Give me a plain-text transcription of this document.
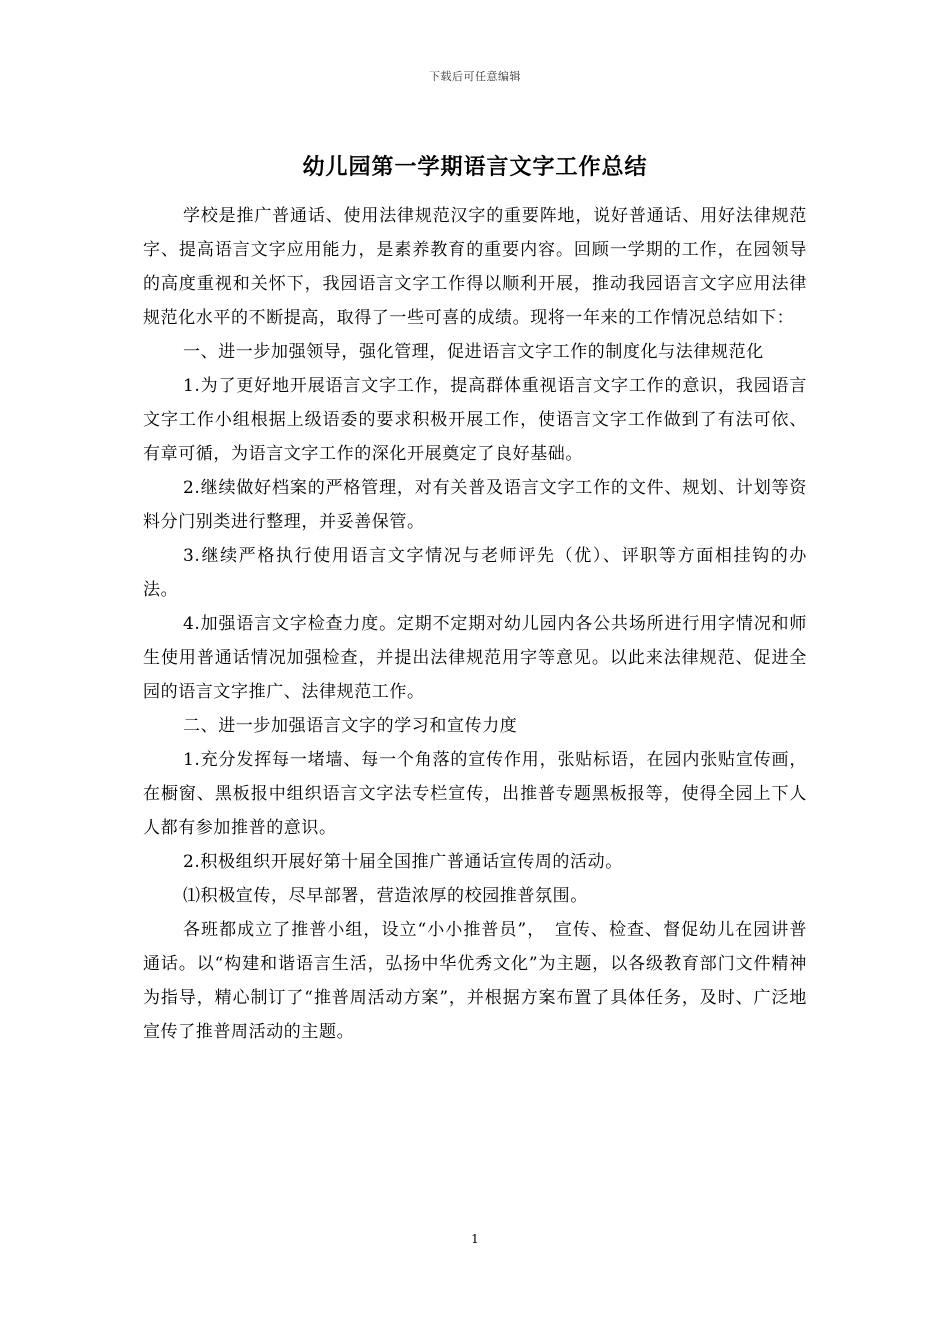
下载后可任意编辑
幼儿园第一学期语言文字工作总结

学校是推广普通话、使用法律规范汉字的重要阵地，说好普通话、用好法律规范字、提高语言文字应用能力，是素养教育的重要内容。回顾一学期的工作，在园领导的高度重视和关怀下，我园语言文字工作得以顺利开展，推动我园语言文字应用法律规范化水平的不断提高，取得了一些可喜的成绩。现将一年来的工作情况总结如下：

一、进一步加强领导，强化管理，促进语言文字工作的制度化与法律规范化

1.为了更好地开展语言文字工作，提高群体重视语言文字工作的意识，我园语言文字工作小组根据上级语委的要求积极开展工作，使语言文字工作做到了有法可依、有章可循，为语言文字工作的深化开展奠定了良好基础。

2.继续做好档案的严格管理，对有关普及语言文字工作的文件、规划、计划等资料分门别类进行整理，并妥善保管。

3.继续严格执行使用语言文字情况与老师评先（优）、评职等方面相挂钩的办法。

4.加强语言文字检查力度。定期不定期对幼儿园内各公共场所进行用字情况和师生使用普通话情况加强检查，并提出法律规范用字等意见。以此来法律规范、促进全园的语言文字推广、法律规范工作。

二、进一步加强语言文字的学习和宣传力度

1.充分发挥每一堵墙、每一个角落的宣传作用，张贴标语，在园内张贴宣传画，在橱窗、黑板报中组织语言文字法专栏宣传，出推普专题黑板报等，使得全园上下人人都有参加推普的意识。

2.积极组织开展好第十届全国推广普通话宣传周的活动。

⑴积极宣传，尽早部署，营造浓厚的校园推普氛围。

各班都成立了推普小组，设立“小小推普员”，　宣传、检查、督促幼儿在园讲普通话。以“构建和谐语言生活，弘扬中华优秀文化”为主题，以各级教育部门文件精神为指导，精心制订了“推普周活动方案”，并根据方案布置了具体任务，及时、广泛地宣传了推普周活动的主题。

1
